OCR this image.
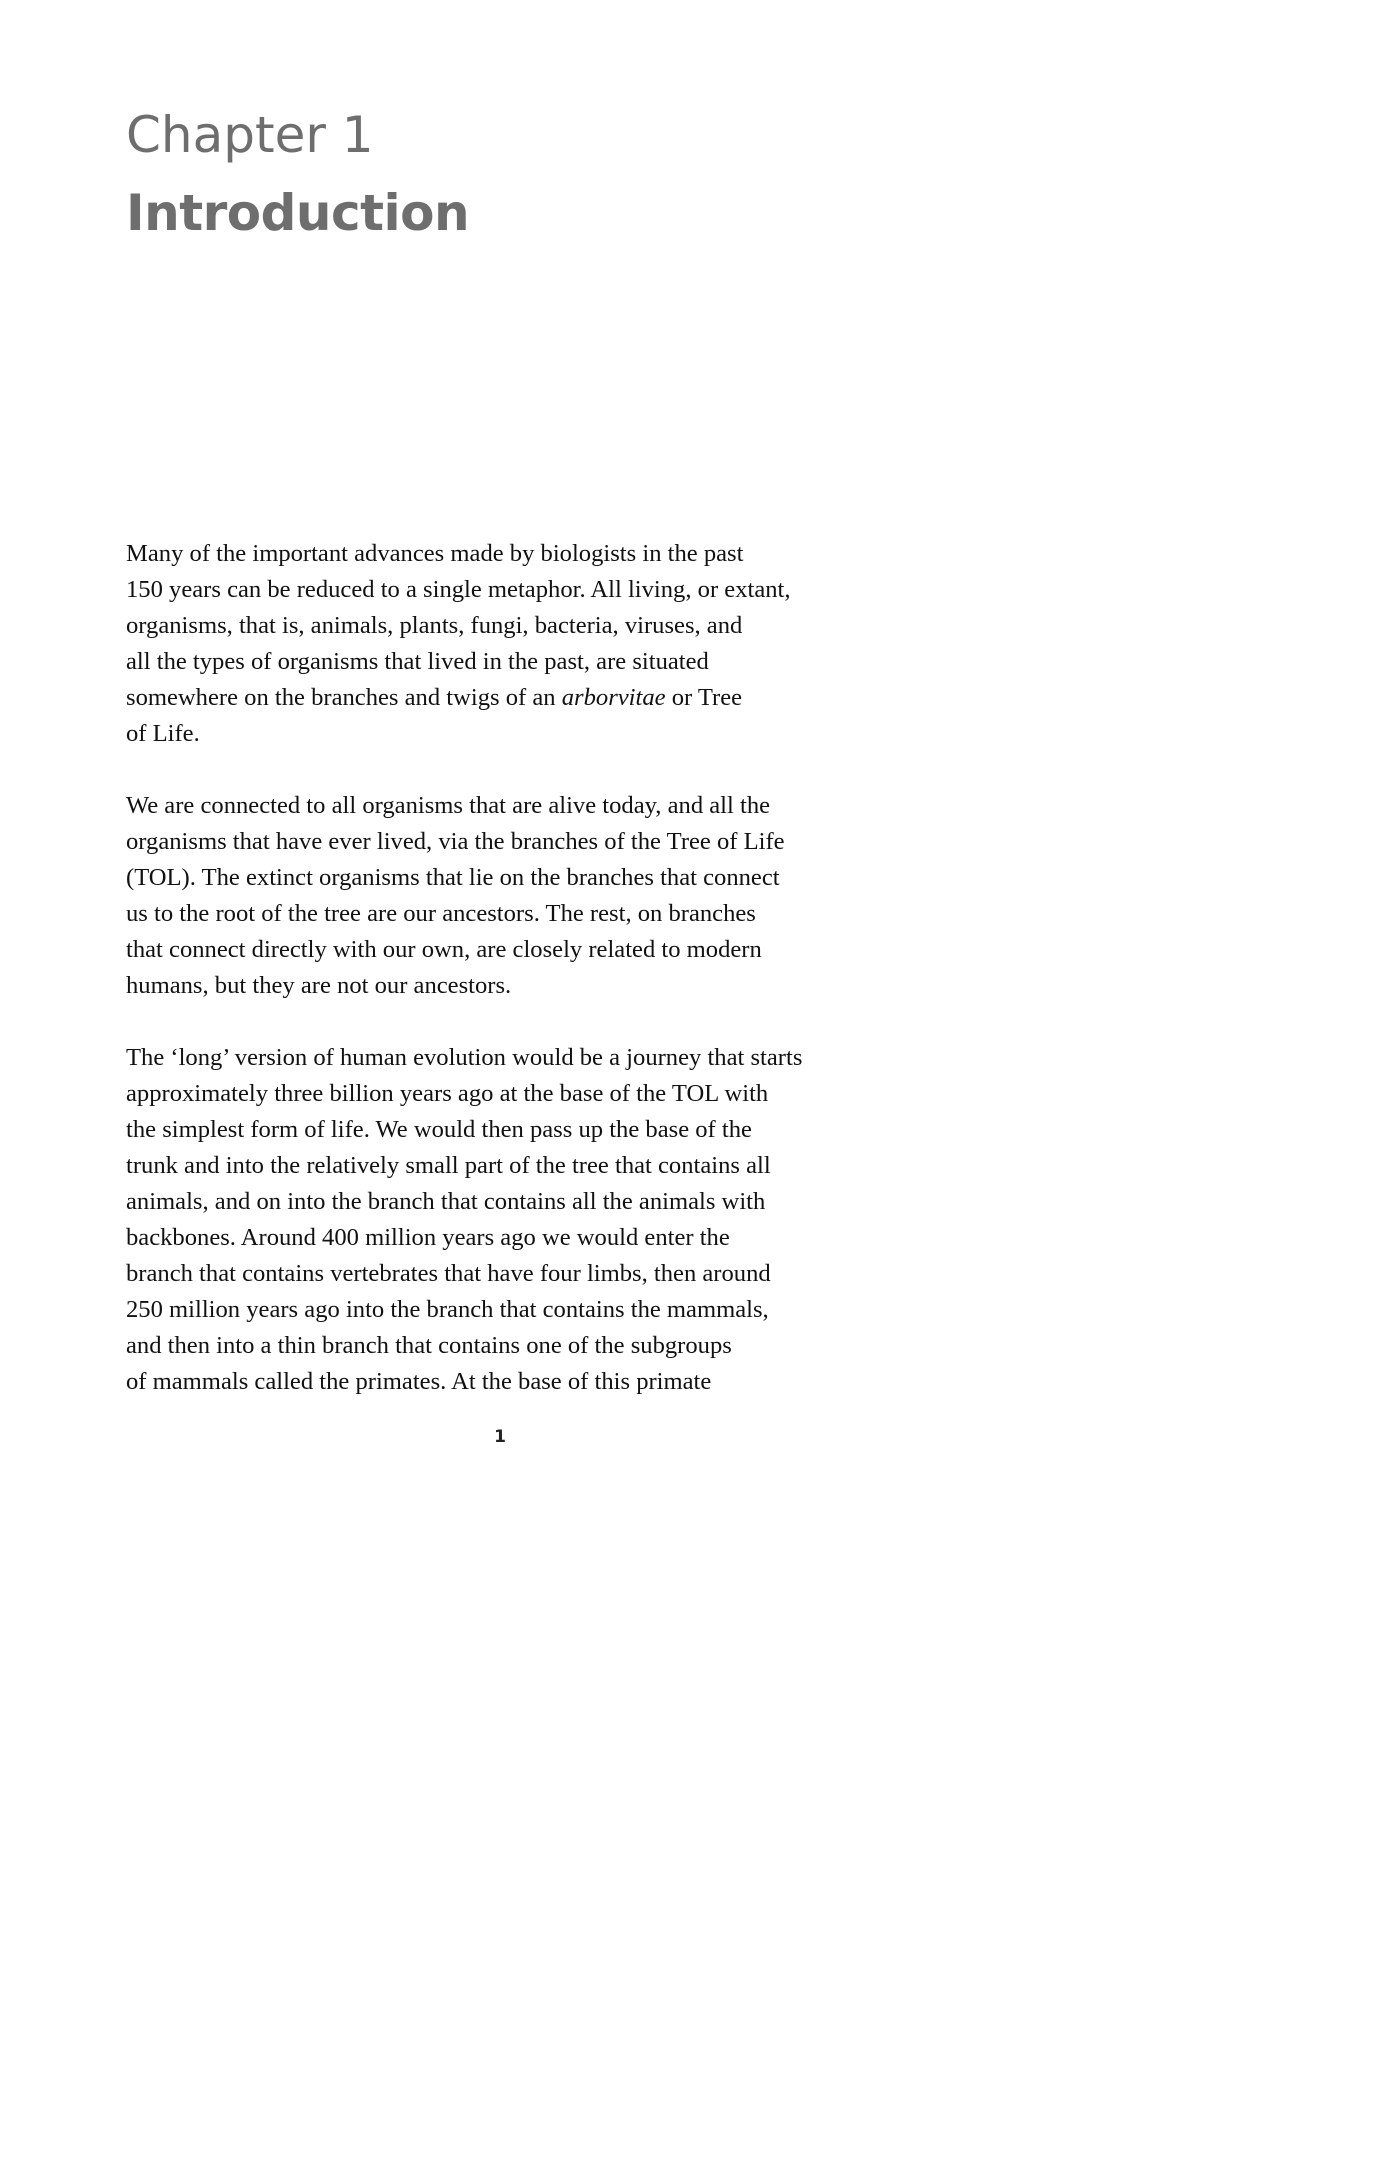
Chapter 1
Introduction

Many of the important advances made by biologists in the past
150 years can be reduced to a single metaphor. All living, or extant,
organisms, that is, animals, plants, fungi, bacteria, viruses, and
all the types of organisms that lived in the past, are situated
somewhere on the branches and twigs of an arborvitae or Tree
of Life.

We are connected to all organisms that are alive today, and all the
organisms that have ever lived, via the branches of the Tree of Life
(TOL). The extinct organisms that lie on the branches that connect
us to the root of the tree are our ancestors. The rest, on branches
that connect directly with our own, are closely related to modern
humans, but they are not our ancestors.

The ‘long’ version of human evolution would be a journey that starts
approximately three billion years ago at the base of the TOL with
the simplest form of life. We would then pass up the base of the
trunk and into the relatively small part of the tree that contains all
animals, and on into the branch that contains all the animals with
backbones. Around 400 million years ago we would enter the
branch that contains vertebrates that have four limbs, then around
250 million years ago into the branch that contains the mammals,
and then into a thin branch that contains one of the subgroups
of mammals called the primates. At the base of this primate

1
